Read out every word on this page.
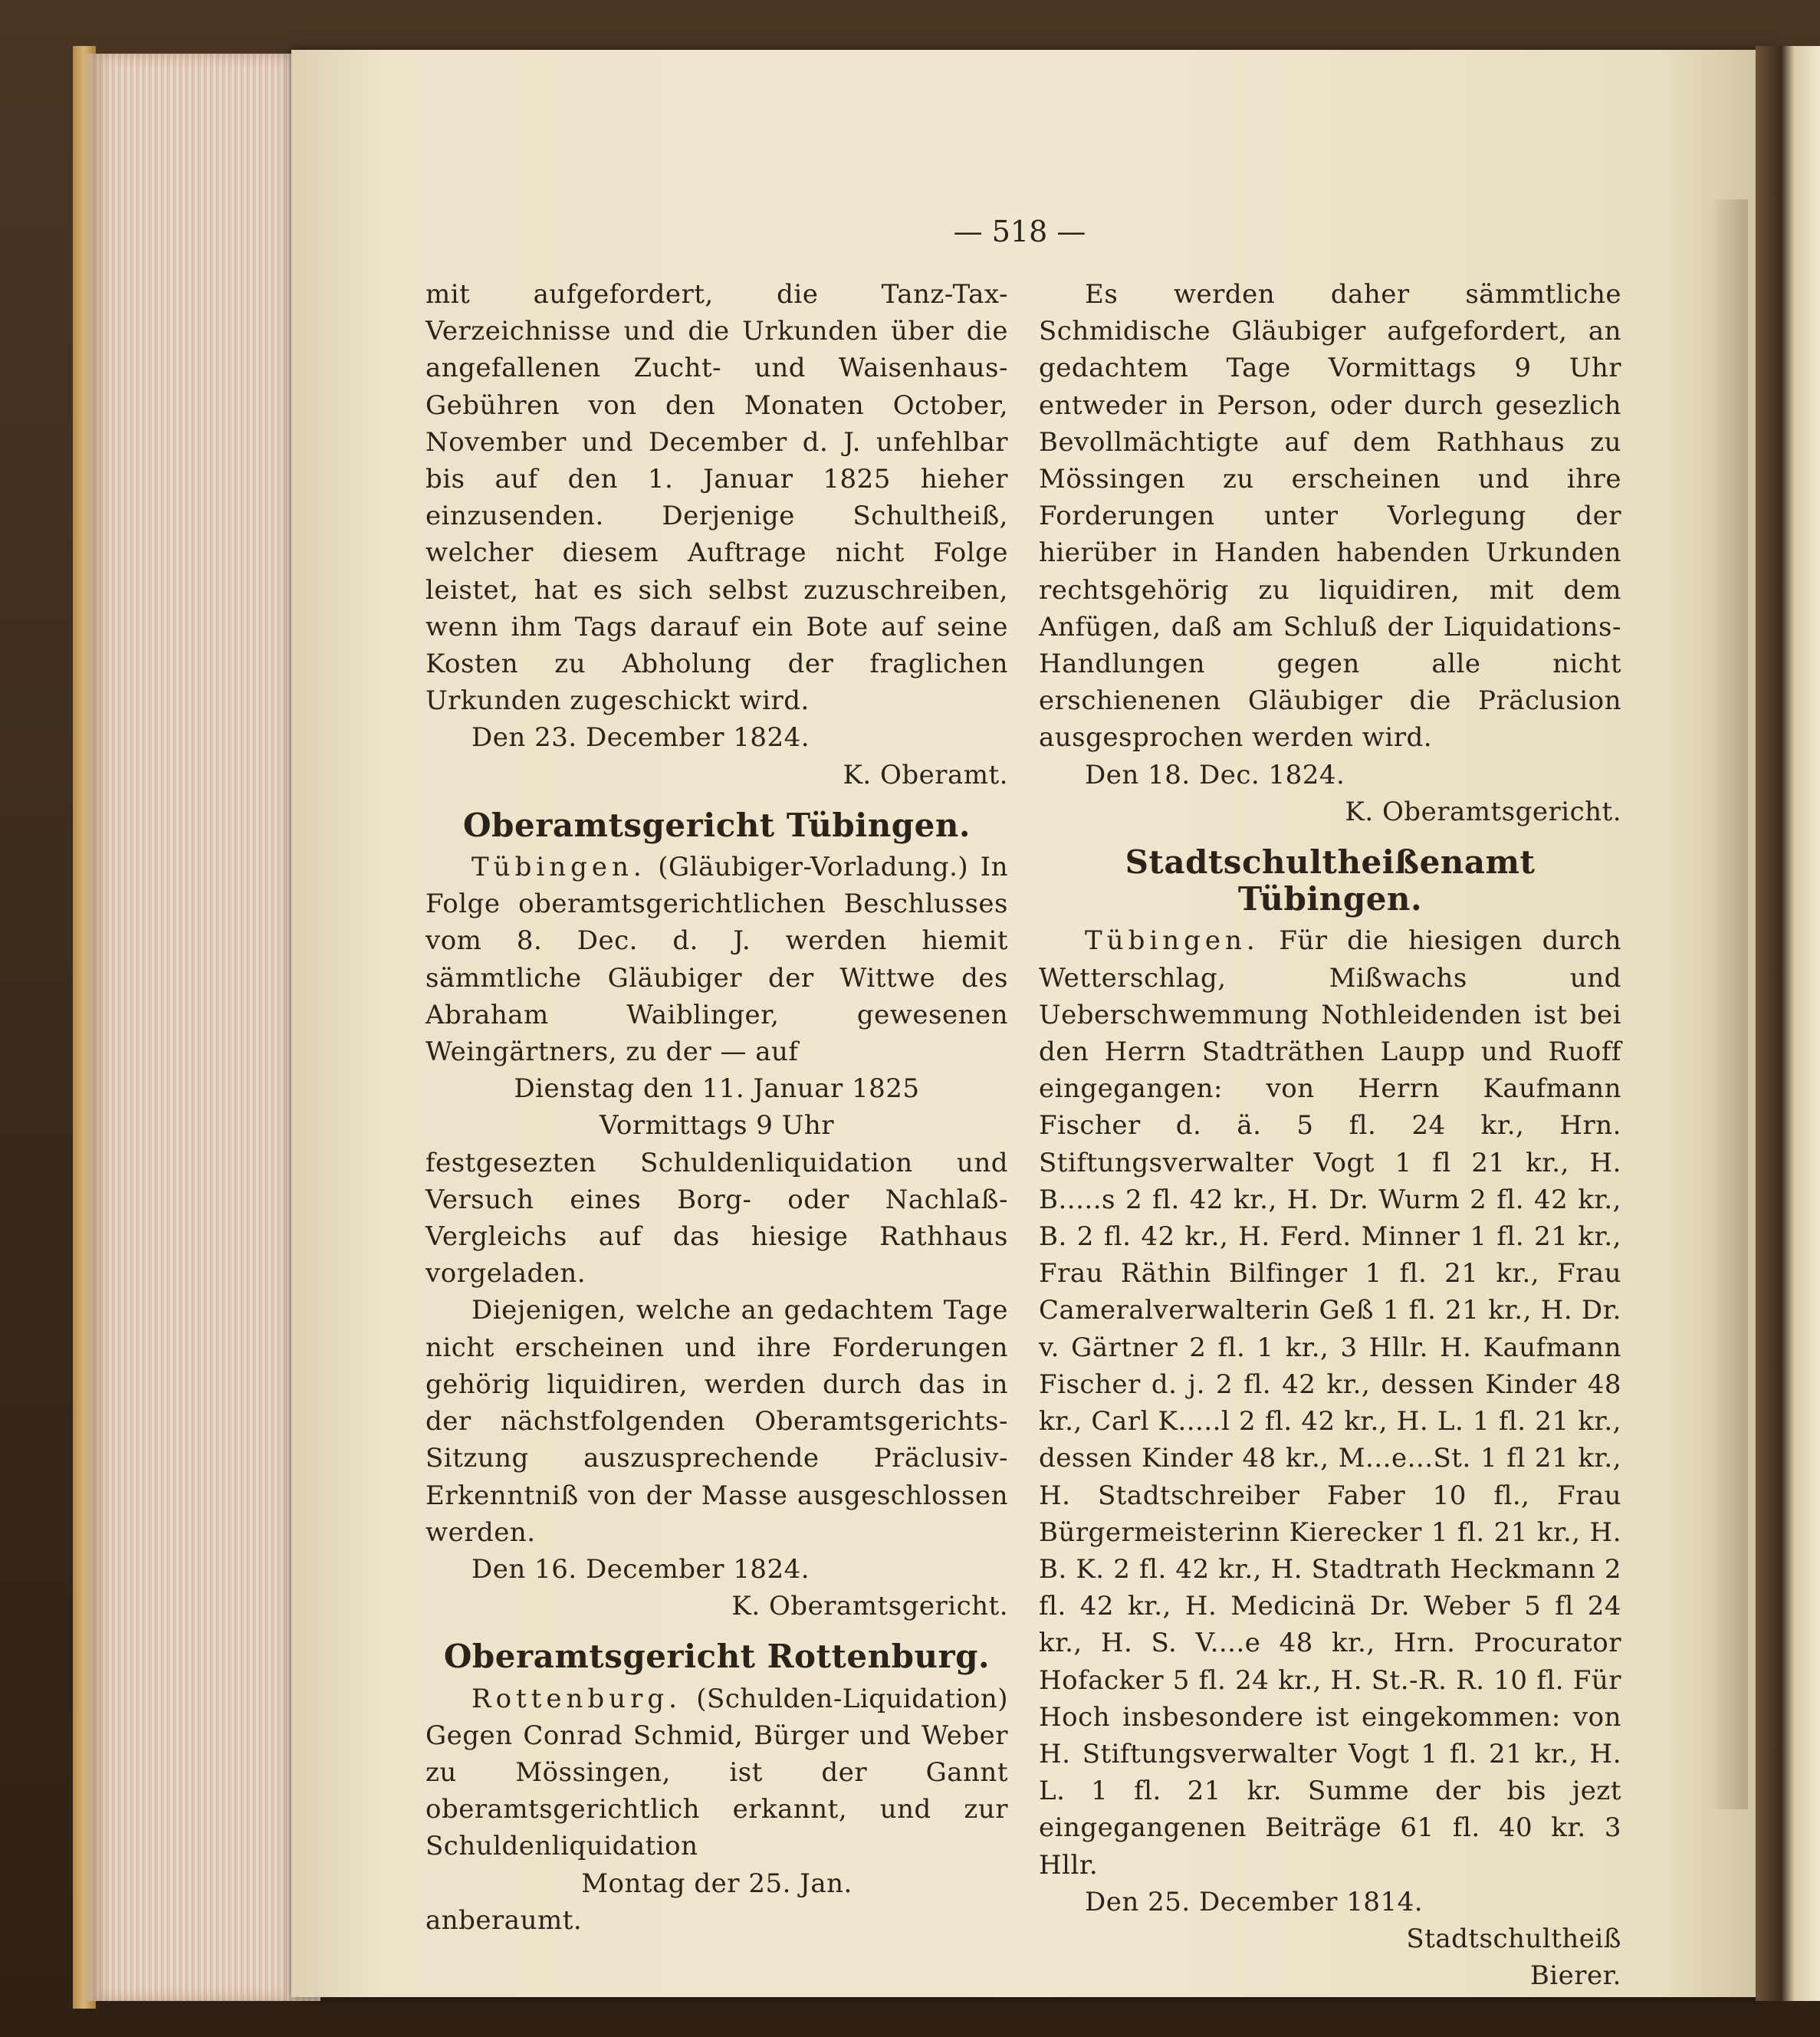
— 518 —

mit aufgefordert, die Tanz-Tax-Verzeichnisse und die Urkunden über die angefallenen Zucht- und Waisenhaus-Gebühren von den Monaten October, November und December d. J. unfehlbar bis auf den 1. Januar 1825 hieher einzusenden. Derjenige Schultheiß, welcher diesem Auftrage nicht Folge leistet, hat es sich selbst zuzuschreiben, wenn ihm Tags darauf ein Bote auf seine Kosten zu Abholung der fraglichen Urkunden zugeschickt wird.

Den 23. December 1824.

K. Oberamt.

Oberamtsgericht Tübingen.

Tübingen. (Gläubiger-Vorladung.) In Folge oberamtsgerichtlichen Beschlusses vom 8. Dec. d. J. werden hiemit sämmtliche Gläubiger der Wittwe des Abraham Waiblinger, gewesenen Weingärtners, zu der — auf

Dienstag den 11. Januar 1825

Vormittags 9 Uhr

festgesezten Schuldenliquidation und Versuch eines Borg- oder Nachlaß-Vergleichs auf das hiesige Rathhaus vorgeladen.

Diejenigen, welche an gedachtem Tage nicht erscheinen und ihre Forderungen gehörig liquidiren, werden durch das in der nächstfolgenden Oberamtsgerichts-Sitzung auszusprechende Präclusiv-Erkenntniß von der Masse ausgeschlossen werden.

Den 16. December 1824.

K. Oberamtsgericht.

Oberamtsgericht Rottenburg.

Rottenburg. (Schulden-Liquidation) Gegen Conrad Schmid, Bürger und Weber zu Mössingen, ist der Gannt oberamtsgerichtlich erkannt, und zur Schuldenliquidation

Montag der 25. Jan.

anberaumt.

Es werden daher sämmtliche Schmidische Gläubiger aufgefordert, an gedachtem Tage Vormittags 9 Uhr entweder in Person, oder durch gesezlich Bevollmächtigte auf dem Rathhaus zu Mössingen zu erscheinen und ihre Forderungen unter Vorlegung der hierüber in Handen habenden Urkunden rechtsgehörig zu liquidiren, mit dem Anfügen, daß am Schluß der Liquidations-Handlungen gegen alle nicht erschienenen Gläubiger die Präclusion ausgesprochen werden wird.

Den 18. Dec. 1824.

K. Oberamtsgericht.

Stadtschultheißenamt Tübingen.

Tübingen. Für die hiesigen durch Wetterschlag, Mißwachs und Ueberschwemmung Nothleidenden ist bei den Herrn Stadträthen Laupp und Ruoff eingegangen: von Herrn Kaufmann Fischer d. ä. 5 fl. 24 kr., Hrn. Stiftungsverwalter Vogt 1 fl 21 kr., H. B.....s 2 fl. 42 kr., H. Dr. Wurm 2 fl. 42 kr., B. 2 fl. 42 kr., H. Ferd. Minner 1 fl. 21 kr., Frau Räthin Bilfinger 1 fl. 21 kr., Frau Cameralverwalterin Geß 1 fl. 21 kr., H. Dr. v. Gärtner 2 fl. 1 kr., 3 Hllr. H. Kaufmann Fischer d. j. 2 fl. 42 kr., dessen Kinder 48 kr., Carl K.....l 2 fl. 42 kr., H. L. 1 fl. 21 kr., dessen Kinder 48 kr., M...e...St. 1 fl 21 kr., H. Stadtschreiber Faber 10 fl., Frau Bürgermeisterinn Kierecker 1 fl. 21 kr., H. B. K. 2 fl. 42 kr., H. Stadtrath Heckmann 2 fl. 42 kr., H. Medicinä Dr. Weber 5 fl 24 kr., H. S. V....e 48 kr., Hrn. Procurator Hofacker 5 fl. 24 kr., H. St.-R. R. 10 fl. Für Hoch insbesondere ist eingekommen: von H. Stiftungsverwalter Vogt 1 fl. 21 kr., H. L. 1 fl. 21 kr. Summe der bis jezt eingegangenen Beiträge 61 fl. 40 kr. 3 Hllr.

Den 25. December 1814.

Stadtschultheiß

Bierer.
